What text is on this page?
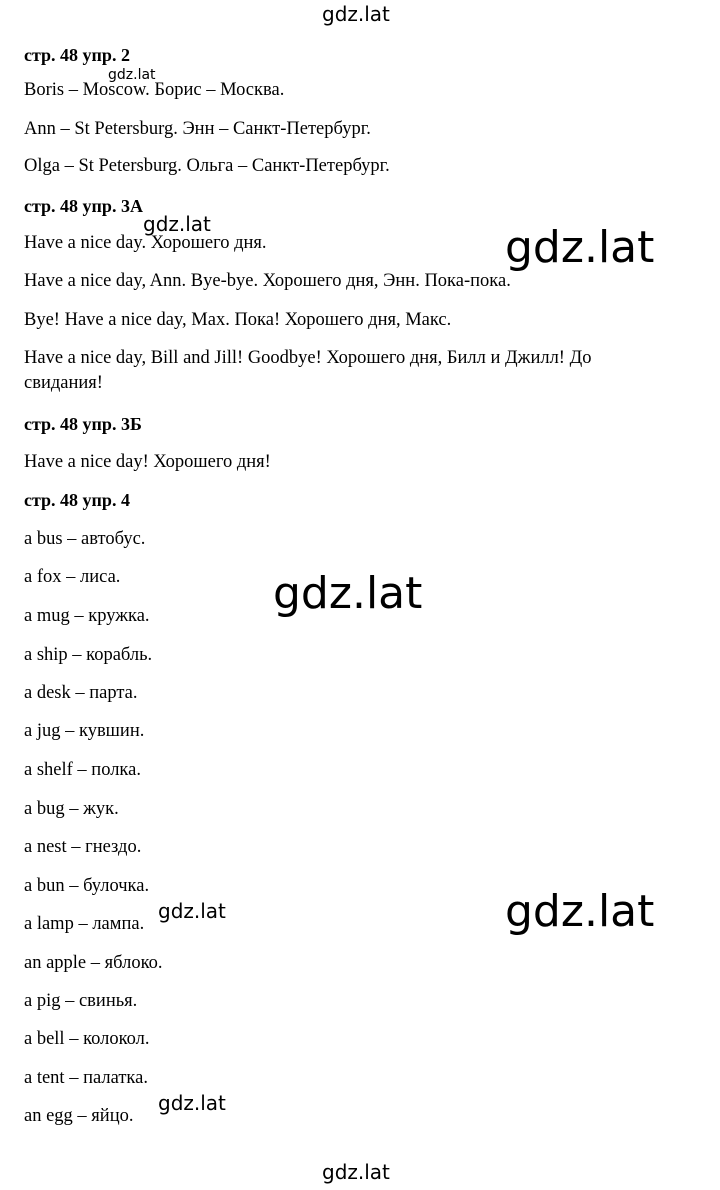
gdz.lat
gdz.lat
gdz.lat	gdz.lat
gdz.lat
gdz.lat
gdz.lat
gdz.lat
gdz.lat
стр. 48 упр. 2
Boris – Moscow. Борис – Москва.
Ann – St Petersburg. Энн – Санкт-Петербург.
Olga – St Petersburg. Ольга – Санкт-Петербург.
стр. 48 упр. 3А
Have a nice day. Хорошего дня.
Have a nice day, Ann. Bye-bye. Хорошего дня, Энн. Пока-пока.
Bye! Have a nice day, Max. Пока! Хорошего дня, Макс.
Have a nice day, Bill and Jill! Goodbye! Хорошего дня, Билл и Джилл! До
свидания!
стр. 48 упр. 3Б
Have a nice day! Хорошего дня!
стр. 48 упр. 4
a bus – автобус.
a fox – лиса.
a mug – кружка.
a ship – корабль.
a desk – парта.
a jug – кувшин.
a shelf – полка.
a bug – жук.
a nest – гнездо.
a bun – булочка.
a lamp – лампа.
an apple – яблоко.
a pig – свинья.
a bell – колокол.
a tent – палатка.
an egg – яйцо.
